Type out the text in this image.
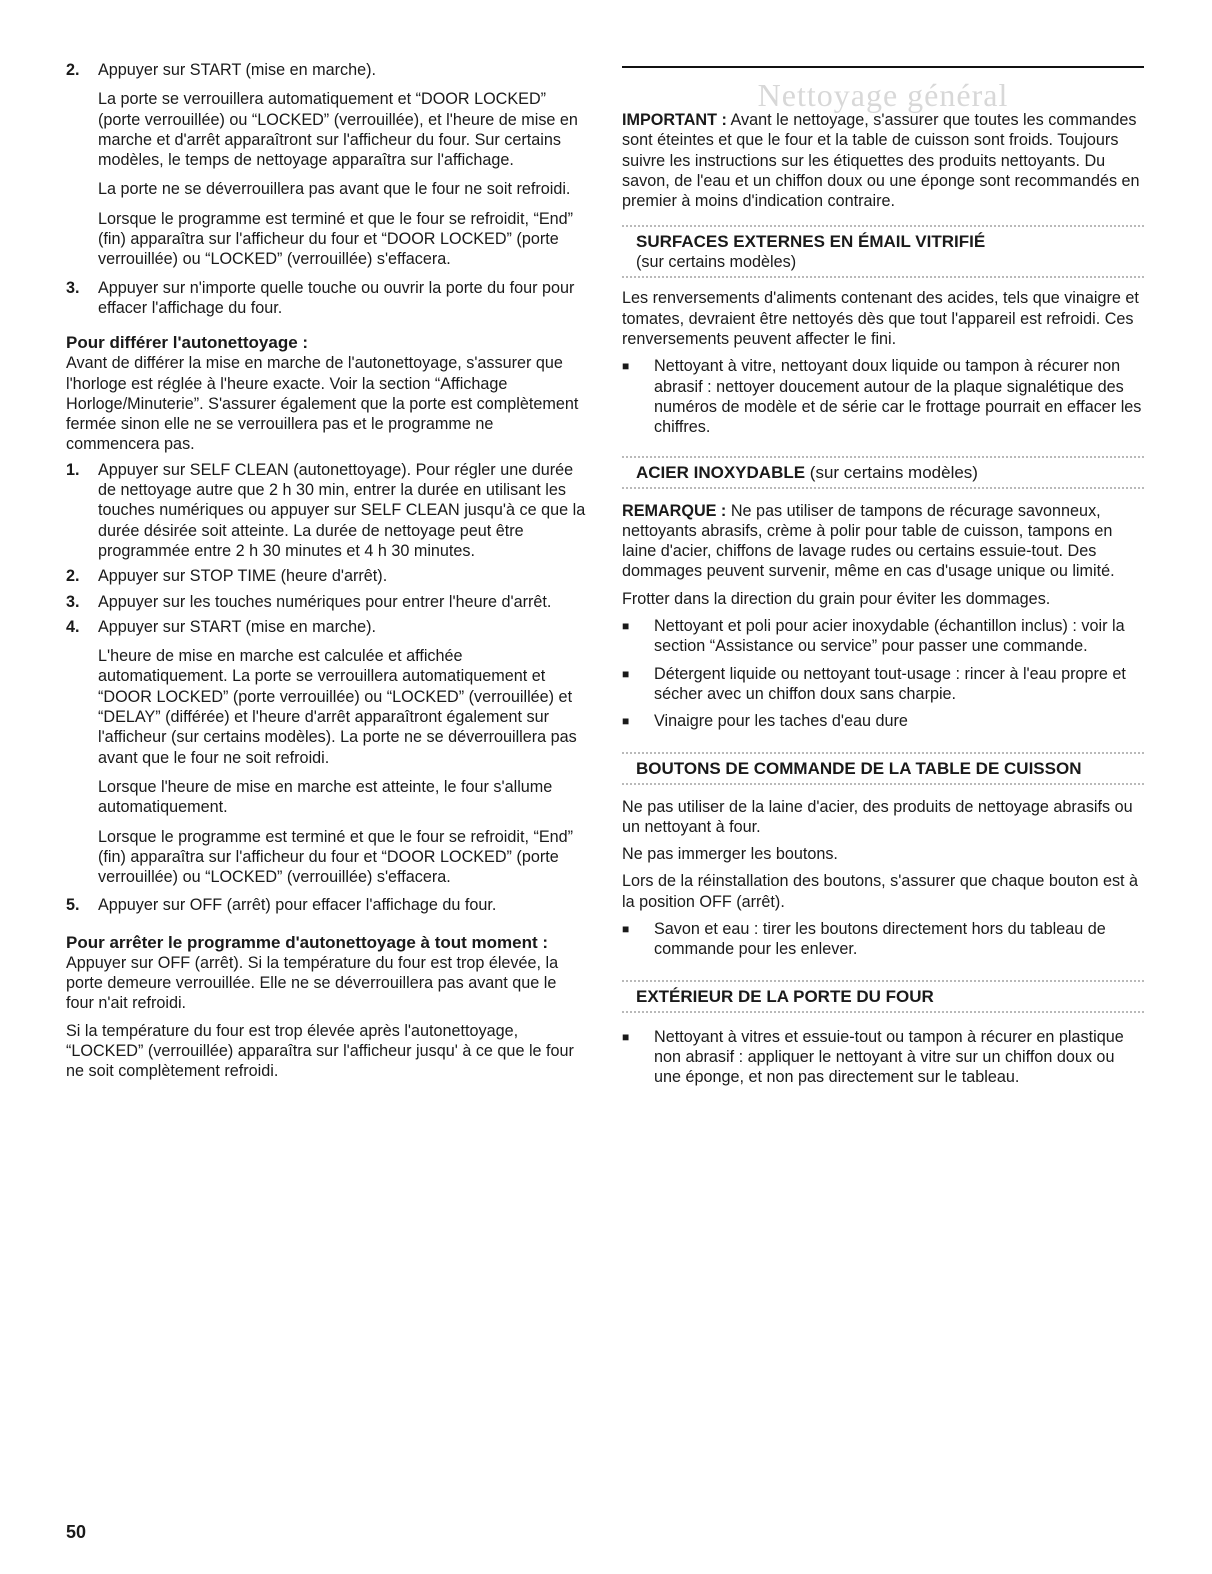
2.	Appuyer sur START (mise en marche).

La porte se verrouillera automatiquement et “DOOR LOCKED” (porte verrouillée) ou “LOCKED” (verrouillée), et l'heure de mise en marche et d'arrêt apparaîtront sur l'afficheur du four. Sur certains modèles, le temps de nettoyage apparaîtra sur l'affichage.

La porte ne se déverrouillera pas avant que le four ne soit refroidi.

Lorsque le programme est terminé et que le four se refroidit, “End” (fin) apparaîtra sur l'afficheur du four et “DOOR LOCKED” (porte verrouillée) ou “LOCKED” (verrouillée) s'effacera.

3.	Appuyer sur n'importe quelle touche ou ouvrir la porte du four pour effacer l'affichage du four.

Pour différer l'autonettoyage :

Avant de différer la mise en marche de l'autonettoyage, s'assurer que l'horloge est réglée à l'heure exacte. Voir la section “Affichage Horloge/Minuterie”. S'assurer également que la porte est complètement fermée sinon elle ne se verrouillera pas et le programme ne commencera pas.

1.	Appuyer sur SELF CLEAN (autonettoyage). Pour régler une durée de nettoyage autre que 2 h 30 min, entrer la durée en utilisant les touches numériques ou appuyer sur SELF CLEAN jusqu'à ce que la durée désirée soit atteinte. La durée de nettoyage peut être programmée entre 2 h 30 minutes et 4 h 30 minutes.

2.	Appuyer sur STOP TIME (heure d'arrêt).

3.	Appuyer sur les touches numériques pour entrer l'heure d'arrêt.

4.	Appuyer sur START (mise en marche).

L'heure de mise en marche est calculée et affichée automatiquement. La porte se verrouillera automatiquement et “DOOR LOCKED” (porte verrouillée) ou “LOCKED” (verrouillée) et “DELAY” (différée) et l'heure d'arrêt apparaîtront également sur l'afficheur (sur certains modèles). La porte ne se déverrouillera pas avant que le four ne soit refroidi.

Lorsque l'heure de mise en marche est atteinte, le four s'allume automatiquement.

Lorsque le programme est terminé et que le four se refroidit, “End” (fin) apparaîtra sur l'afficheur du four et “DOOR LOCKED” (porte verrouillée) ou “LOCKED” (verrouillée) s'effacera.

5.	Appuyer sur OFF (arrêt) pour effacer l'affichage du four.

Pour arrêter le programme d'autonettoyage à tout moment :

Appuyer sur OFF (arrêt). Si la température du four est trop élevée, la porte demeure verrouillée. Elle ne se déverrouillera pas avant que le four n'ait refroidi.

Si la température du four est trop élevée après l'autonettoyage, “LOCKED” (verrouillée) apparaîtra sur l'afficheur jusqu' à ce que le four ne soit complètement refroidi.

Nettoyage général

IMPORTANT : Avant le nettoyage, s'assurer que toutes les commandes sont éteintes et que le four et la table de cuisson sont froids. Toujours suivre les instructions sur les étiquettes des produits nettoyants. Du savon, de l'eau et un chiffon doux ou une éponge sont recommandés en premier à moins d'indication contraire.

SURFACES EXTERNES EN ÉMAIL VITRIFIÉ

(sur certains modèles)

Les renversements d'aliments contenant des acides, tels que vinaigre et tomates, devraient être nettoyés dès que tout l'appareil est refroidi. Ces renversements peuvent affecter le fini.

■	Nettoyant à vitre, nettoyant doux liquide ou tampon à récurer non abrasif : nettoyer doucement autour de la plaque signalétique des numéros de modèle et de série car le frottage pourrait en effacer les chiffres.

ACIER INOXYDABLE (sur certains modèles)

REMARQUE : Ne pas utiliser de tampons de récurage savonneux, nettoyants abrasifs, crème à polir pour table de cuisson, tampons en laine d'acier, chiffons de lavage rudes ou certains essuie-tout. Des dommages peuvent survenir, même en cas d'usage unique ou limité.

Frotter dans la direction du grain pour éviter les dommages.

■	Nettoyant et poli pour acier inoxydable (échantillon inclus) : voir la section “Assistance ou service” pour passer une commande.

■	Détergent liquide ou nettoyant tout-usage : rincer à l'eau propre et sécher avec un chiffon doux sans charpie.

■	Vinaigre pour les taches d'eau dure

BOUTONS DE COMMANDE DE LA TABLE DE CUISSON

Ne pas utiliser de la laine d'acier, des produits de nettoyage abrasifs ou un nettoyant à four.

Ne pas immerger les boutons.

Lors de la réinstallation des boutons, s'assurer que chaque bouton est à la position OFF (arrêt).

■	Savon et eau : tirer les boutons directement hors du tableau de commande pour les enlever.

EXTÉRIEUR DE LA PORTE DU FOUR

■	Nettoyant à vitres et essuie-tout ou tampon à récurer en plastique non abrasif : appliquer le nettoyant à vitre sur un chiffon doux ou une éponge, et non pas directement sur le tableau.

50
